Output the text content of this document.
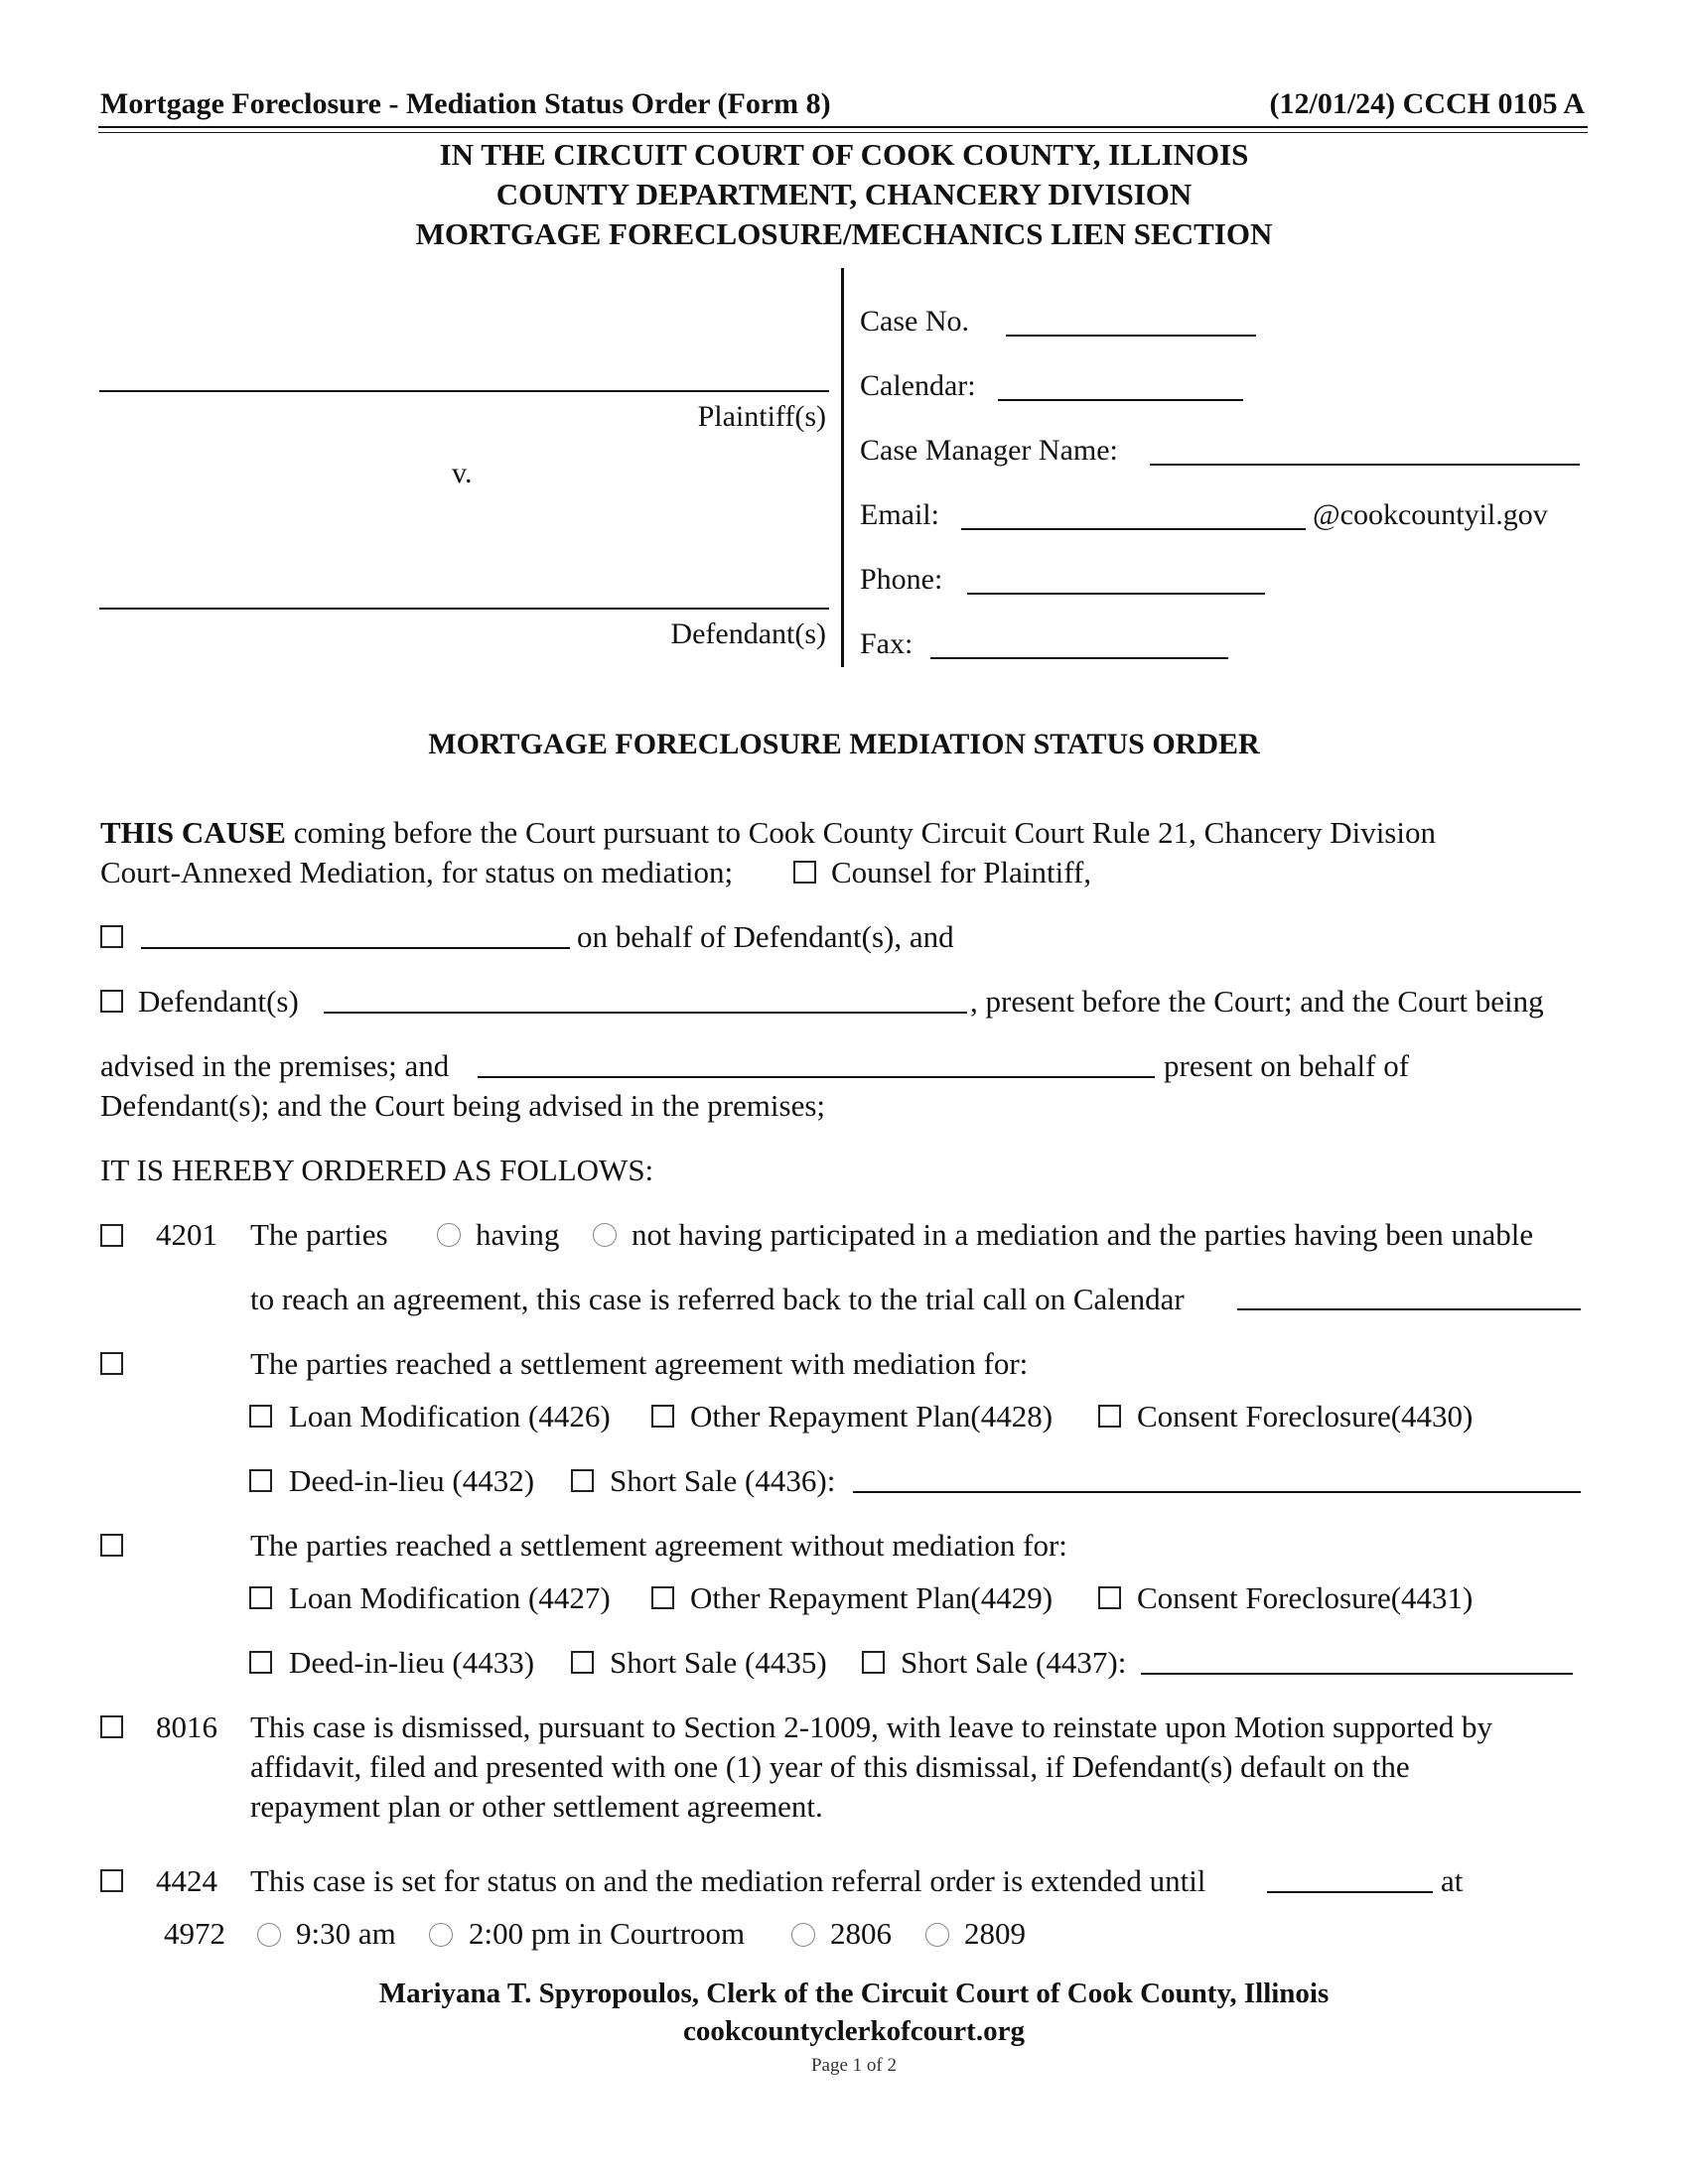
Mortgage Foreclosure - Mediation Status Order (Form 8)	(12/01/24) CCCH 0105 A
IN THE CIRCUIT COURT OF COOK COUNTY, ILLINOIS
COUNTY DEPARTMENT, CHANCERY DIVISION
MORTGAGE FORECLOSURE/MECHANICS LIEN SECTION
Plaintiff(s)
v.
Defendant(s)
Case No.
Calendar:
Case Manager Name:
Email:	@cookcountyil.gov
Phone:
Fax:
MORTGAGE FORECLOSURE MEDIATION STATUS ORDER
THIS CAUSE coming before the Court pursuant to Cook County Circuit Court Rule 21, Chancery Division
Court-Annexed Mediation, for status on mediation;	Counsel for Plaintiff,
on behalf of Defendant(s), and
Defendant(s)	, present before the Court; and the Court being
advised in the premises; and	present on behalf of
Defendant(s); and the Court being advised in the premises;
IT IS HEREBY ORDERED AS FOLLOWS:
4201 The parties	having not having participated in a mediation and the parties having been unable
to reach an agreement, this case is referred back to the trial call on Calendar
The parties reached a settlement agreement with mediation for:
Loan Modification (4426)	Other Repayment Plan(4428)	Consent Foreclosure(4430)
Deed-in-lieu (4432) Short Sale (4436):
The parties reached a settlement agreement without mediation for:
Loan Modification (4427)	Other Repayment Plan(4429)	Consent Foreclosure(4431)
Deed-in-lieu (4433) Short Sale (4435) Short Sale (4437):
8016 This case is dismissed, pursuant to Section 2-1009, with leave to reinstate upon Motion supported by
affidavit, filed and presented with one (1) year of this dismissal, if Defendant(s) default on the
repayment plan or other settlement agreement.
4424 This case is set for status on and the mediation referral order is extended until	at
4972 9:30 am 2:00 pm in Courtroom	2806 2809
Mariyana T. Spyropoulos, Clerk of the Circuit Court of Cook County, Illinois
cookcountyclerkofcourt.org
Page 1 of 2
